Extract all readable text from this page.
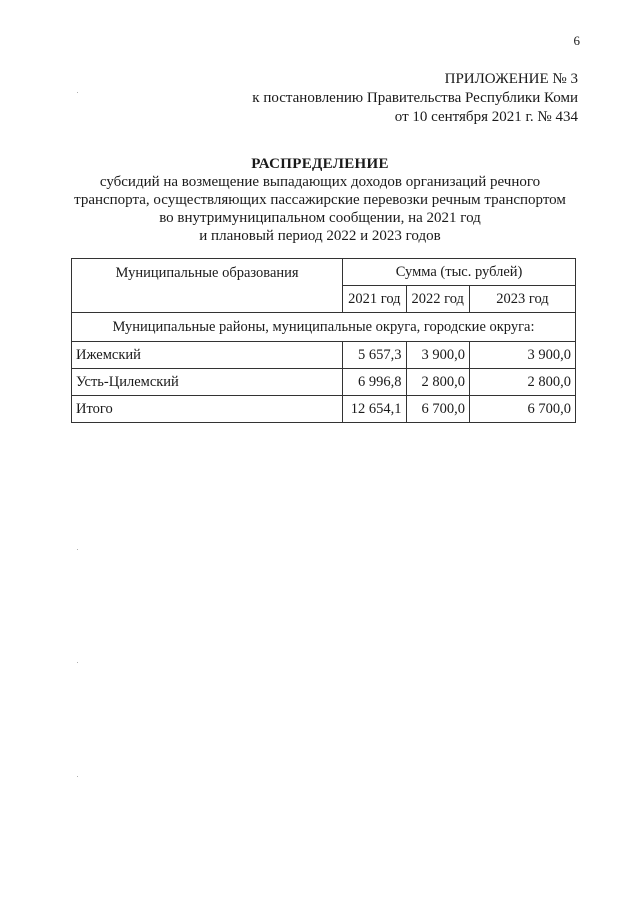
6
ПРИЛОЖЕНИЕ № 3
к постановлению Правительства Республики Коми
от 10 сентября 2021 г. № 434
РАСПРЕДЕЛЕНИЕ
субсидий на возмещение выпадающих доходов организаций речного
транспорта, осуществляющих пассажирские перевозки речным транспортом
во внутримуниципальном сообщении, на 2021 год
и плановый период 2022 и 2023 годов
Муниципальные образования	Сумма (тыс. рублей)		
	2021 год	2022 год	2023 год
Муниципальные районы, муниципальные округа, городские округа:			
Ижемский	5 657,3	3 900,0	3 900,0
Усть-Цилемский	6 996,8	2 800,0	2 800,0
Итого	12 654,1	6 700,0	6 700,0
